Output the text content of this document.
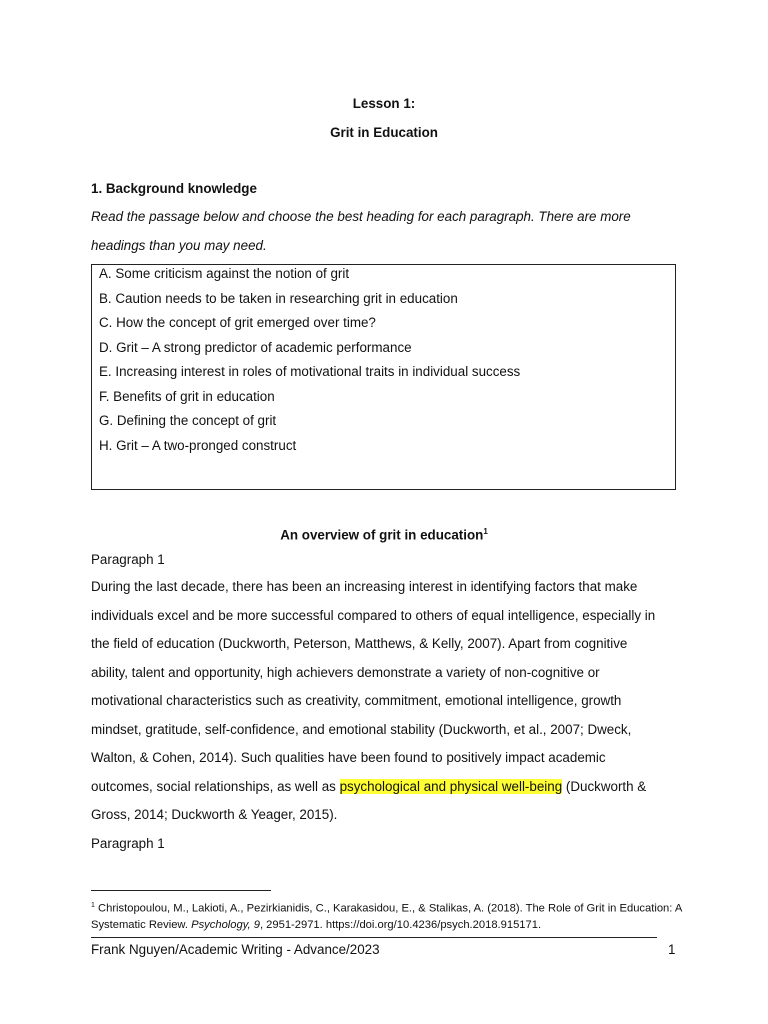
Lesson 1:
Grit in Education
1. Background knowledge
Read the passage below and choose the best heading for each paragraph. There are more headings than you may need.
A. Some criticism against the notion of grit
B. Caution needs to be taken in researching grit in education
C. How the concept of grit emerged over time?
D. Grit – A strong predictor of academic performance
E. Increasing interest in roles of motivational traits in individual success
F. Benefits of grit in education
G. Defining the concept of grit
H. Grit – A two-pronged construct
An overview of grit in education$^1$
Paragraph 1
During the last decade, there has been an increasing interest in identifying factors that make
individuals excel and be more successful compared to others of equal intelligence, especially in
the field of education (Duckworth, Peterson, Matthews, & Kelly, 2007). Apart from cognitive
ability, talent and opportunity, high achievers demonstrate a variety of non-cognitive or
motivational characteristics such as creativity, commitment, emotional intelligence, growth
mindset, gratitude, self-confidence, and emotional stability (Duckworth, et al., 2007; Dweck,
Walton, & Cohen, 2014). Such qualities have been found to positively impact academic
outcomes, social relationships, as well as psychological and physical well-being (Duckworth &
Gross, 2014; Duckworth & Yeager, 2015).
Paragraph 1
$^1$ Christopoulou, M., Lakioti, A., Pezirkianidis, C., Karakasidou, E., & Stalikas, A. (2018). The Role of Grit in Education: A Systematic Review. Psychology, 9, 2951-2971. https://doi.org/10.4236/psych.2018.915171.
Frank Nguyen/Academic Writing - Advance/2023	1
